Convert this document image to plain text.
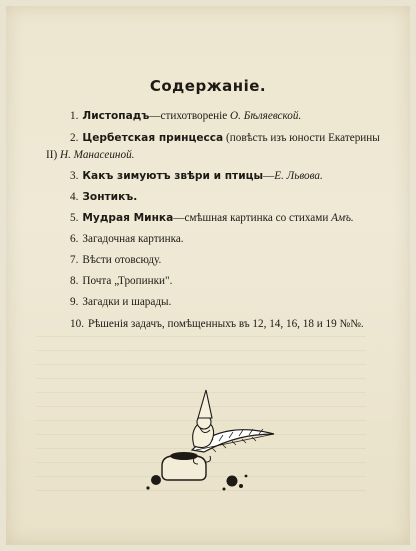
Содержанiе.

1. Листопадъ—стихотворенiе О. Бѣляевской.

2. Цербетская принцесса (повѣсть изъ юности Екатерины II) Н. Манасеиной.

3. Какъ зимуютъ звѣри и птицы—Е. Львова.

4. Зонтикъ.

5. Мудрая Минка—смѣшная картинка со стихами Амъ.

6. Загадочная картинка.

7. Вѣсти отовсюду.

8. Почта „Тропинки".

9. Загадки и шарады.

10. Рѣшенiя задачъ, помѣщенныхъ въ 12, 14, 16, 18 и 19 №№.
